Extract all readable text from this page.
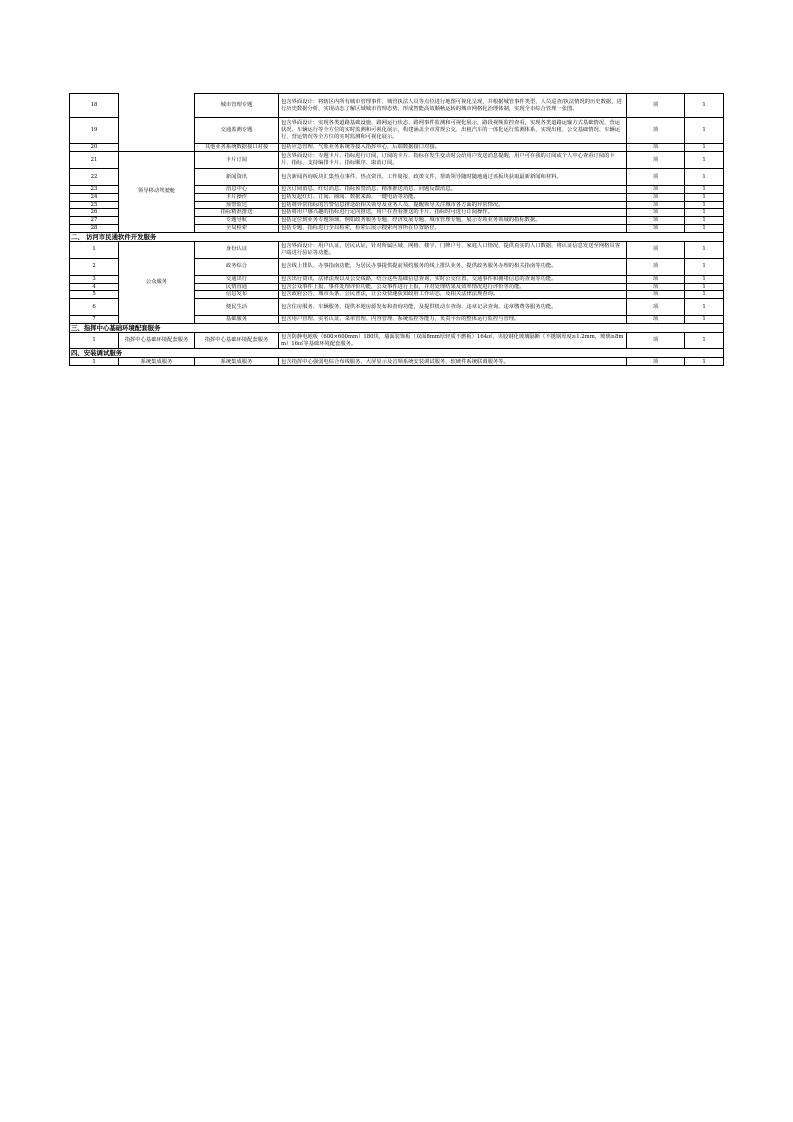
18		城市管理专题	包含界面设计：将辖区内所有城市管理事件、城管执法人员等点位进行地图可视化呈现，并根据城管事件类型，人员巡查/执法情况的历史数据，进行历史数据分析，实现动态了解区域城市管理态势，形成智能高效顺畅运转的城市网格化治理体制，实现全市综合管理一张图。	项	1
19		交通监测专题	包含界面设计：实现各类道路基础设施、路网运行状态、路网事件监测和可视化展示，路段视频监控查看，实现各类道路运输方式基础情况、营运状况、车辆运行等全方位的实时监测和可视化展示，构建涵盖全市常规公交、出租汽车的一体化运行监测体系，实现出租、公交基础情况、车辆运行、营运情况等全方位的实时监测和可视化展示。	项	1
20		其他业务系统数据接口对接	包括应急管理、气象业务系统等接入指挥中心，后端数据接口对接。	项	1
21	领导移动驾驶舱	卡片订阅	包含界面设计：专题卡片、指标进行订阅，订阅的卡片、指标在发生变动时会给用户发送消息提醒，用户可在我的订阅或个人中心查看订阅的卡片、指标，支持编排卡片、指标顺序、取消订阅。	项	1
22		新闻资讯	包含新闻咨询板块汇集热点事件、热点资讯、工作简报、政策文件，帮助领导随时随地通过该板块获取最新新闻和材料。	项	1
23		消息中心	包含订阅消息、红灯消息、指标预警消息、精准推送消息、问题反馈消息。	项	1
24		卡片操作	包括发起红灯、订阅、圈阅、数据来源、一键电话等功能。	项	1
25		预警监达	包括将异常指标的告警信息推送给相关领导及业务人员，提醒领导关注城市各方面的异常情况。	项	1
26		指标精准推送	包括将用户感兴趣的指标进行定向推送，用户在查看推送的卡片、指标时可进行订阅操作。	项	1
27		专题导航	包括定位到业务专题领域，例如政务服务专题、经济发展专题、城市管理专题，展示专项业务领域的指标数据。	项	1
28		全局检索	包括专题、指标进行全局检索，检索后展示搜索内容所在位置路径。	项	1
二、 访河市民通软件开发服务					
1	公众服务	身份认证	包含界面设计：用户认证，居民认证，针对所属区域、网格、楼宇、门牌户号、家庭人口情况，提供真实的人口数据，将认证信息发送至网格员客户端进行验证等功能。	项	1
2		政务综合	包含线上排队、办事指南功能，为居民办事提供提前预约服务的线上排队业务，提供政务服务办理的相关指南等功能。	项	1
3		交通出行	包含出行资讯、法律法规以及公交线路，结合这些基础信息查询，实时公交位置，交通事件和拥堵信息的查询等功能。	项	1
4		民情直通	包含公众事件上报、事件处理评价功能，公众事件进行上报，并对处理结果及效率情况进行评价等功能。	项	1
5		信息发布	包含政府公告、城市头条、公民普法，让公众快速获知政府工作动态，及相关法律法规查询。	项	1
6		便民生活	包含住房服务、车辆服务，提供本地房源发布和查询功能，及提供机动车查询、违章记录查询、违章缴费等服务功能。	项	1
7		基础服务	包含用户管理、实名认证、菜单管理、内容管理、系统监控等能力，负责平台的整体运行监控与管理。	项	1
三、指挥中心基础环境配套服务					
1	指挥中心基础环境配套服务	指挥中心基础环境配套服务	包含防静电地板（600×600mm）180块，墙面装饰板（双面8mm厚轻质不燃板）164㎡，夹胶钢化玻璃隔断（不锈钢厚度≥1.2mm，玻璃≥8mm）16㎡等基础环境配套服务。	项	1
四、安装调试服务					
1	系统集成服务	系统集成服务	包含指挥中心强弱电综合布线服务、大屏显示及音频系统安装调试服务、软硬件系统联调服务等。	项	1
